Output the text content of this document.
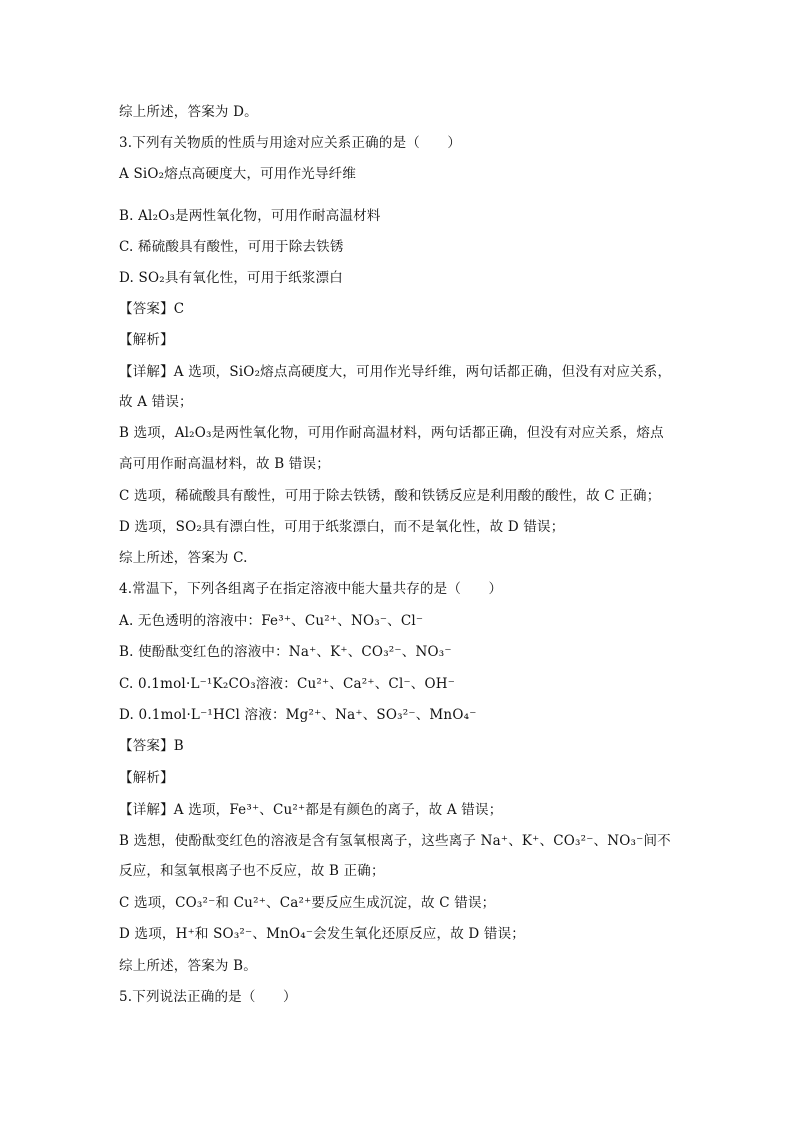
综上所述，答案为 D。
3.下列有关物质的性质与用途对应关系正确的是（　　）
A SiO₂熔点高硬度大，可用作光导纤维
B. Al₂O₃是两性氧化物，可用作耐高温材料
C. 稀硫酸具有酸性，可用于除去铁锈
D. SO₂具有氧化性，可用于纸浆漂白
【答案】C
【解析】
【详解】A 选项，SiO₂熔点高硬度大，可用作光导纤维，两句话都正确，但没有对应关系，
故 A 错误；
B 选项，Al₂O₃是两性氧化物，可用作耐高温材料，两句话都正确，但没有对应关系，熔点
高可用作耐高温材料，故 B 错误；
C 选项，稀硫酸具有酸性，可用于除去铁锈，酸和铁锈反应是利用酸的酸性，故 C 正确；
D 选项，SO₂具有漂白性，可用于纸浆漂白，而不是氧化性，故 D 错误；
综上所述，答案为 C.
4.常温下，下列各组离子在指定溶液中能大量共存的是（　　）
A. 无色透明的溶液中：Fe³⁺、Cu²⁺、NO₃⁻、Cl⁻
B. 使酚酞变红色的溶液中：Na⁺、K⁺、CO₃²⁻、NO₃⁻
C. 0.1mol·L⁻¹K₂CO₃溶液：Cu²⁺、Ca²⁺、Cl⁻、OH⁻
D. 0.1mol·L⁻¹HCl 溶液：Mg²⁺、Na⁺、SO₃²⁻、MnO₄⁻
【答案】B
【解析】
【详解】A 选项，Fe³⁺、Cu²⁺都是有颜色的离子，故 A 错误；
B 选想，使酚酞变红色的溶液是含有氢氧根离子，这些离子 Na⁺、K⁺、CO₃²⁻、NO₃⁻间不
反应，和氢氧根离子也不反应，故 B 正确；
C 选项，CO₃²⁻和 Cu²⁺、Ca²⁺要反应生成沉淀，故 C 错误；
D 选项，H⁺和 SO₃²⁻、MnO₄⁻会发生氧化还原反应，故 D 错误；
综上所述，答案为 B。
5.下列说法正确的是（　　）
